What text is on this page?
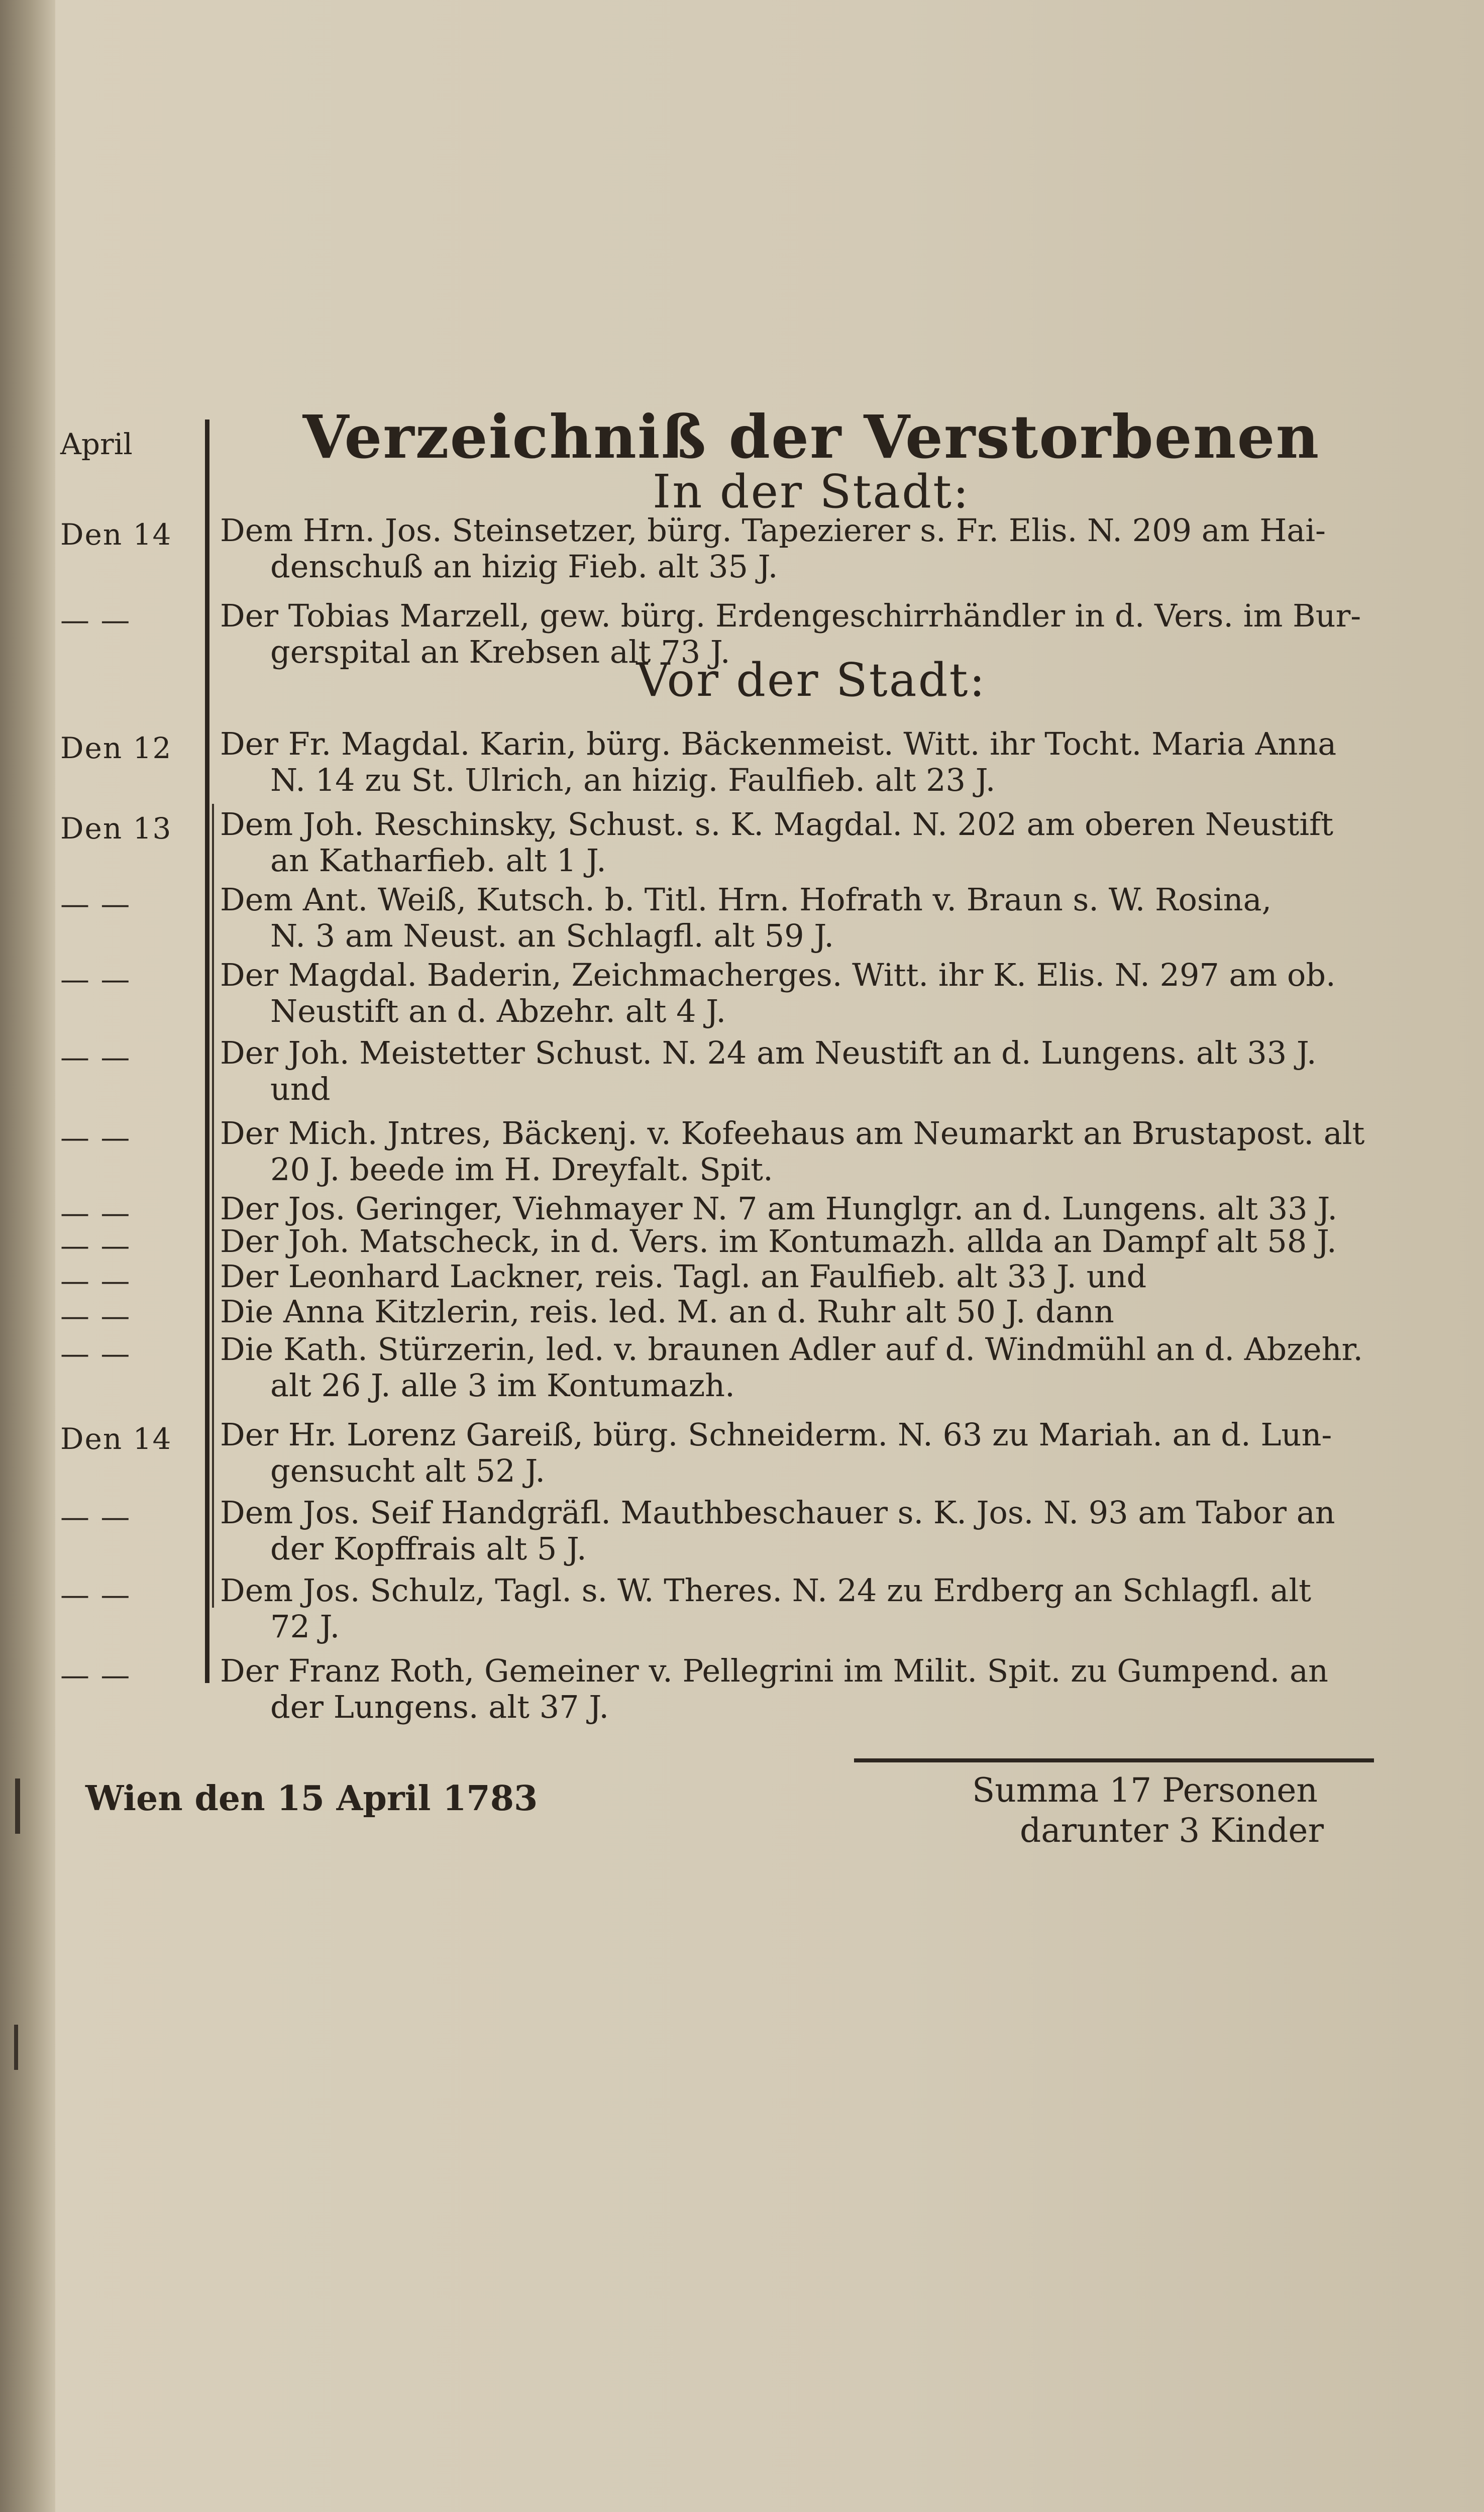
April	Verzeichniß der Verstorbenen
In der Stadt:
Vor der Stadt:
Den 14	Dem Hrn. Jos. Steinsetzer, bürg. Tapezierer s. Fr. Elis. N. 209 am Hai-
denschuß an hizig Fieb. alt 35 J.
— —	Der Tobias Marzell, gew. bürg. Erdengeschirrhändler in d. Vers. im Bur-
gerspital an Krebsen alt 73 J.
Den 12	Der Fr. Magdal. Karin, bürg. Bäckenmeist. Witt. ihr Tocht. Maria Anna
N. 14 zu St. Ulrich, an hizig. Faulfieb. alt 23 J.
Den 13	Dem Joh. Reschinsky, Schust. s. K. Magdal. N. 202 am oberen Neustift
an Katharfieb. alt 1 J.
— —	Dem Ant. Weiß, Kutsch. b. Titl. Hrn. Hofrath v. Braun s. W. Rosina,
N. 3 am Neust. an Schlagfl. alt 59 J.
— —	Der Magdal. Baderin, Zeichmacherges. Witt. ihr K. Elis. N. 297 am ob.
Neustift an d. Abzehr. alt 4 J.
— —	Der Joh. Meistetter Schust. N. 24 am Neustift an d. Lungens. alt 33 J.
und
— —	Der Mich. Jntres, Bäckenj. v. Kofeehaus am Neumarkt an Brustapost. alt
20 J. beede im H. Dreyfalt. Spit.
— —	Der Jos. Geringer, Viehmayer N. 7 am Hunglgr. an d. Lungens. alt 33 J.
— —	Der Joh. Matscheck, in d. Vers. im Kontumazh. allda an Dampf alt 58 J.
— —	Der Leonhard Lackner, reis. Tagl. an Faulfieb. alt 33 J. und
— —	Die Anna Kitzlerin, reis. led. M. an d. Ruhr alt 50 J. dann
— —	Die Kath. Stürzerin, led. v. braunen Adler auf d. Windmühl an d. Abzehr.
alt 26 J. alle 3 im Kontumazh.
Den 14	Der Hr. Lorenz Gareiß, bürg. Schneiderm. N. 63 zu Mariah. an d. Lun-
gensucht alt 52 J.
— —	Dem Jos. Seif Handgräfl. Mauthbeschauer s. K. Jos. N. 93 am Tabor an
der Kopffrais alt 5 J.
— —	Dem Jos. Schulz, Tagl. s. W. Theres. N. 24 zu Erdberg an Schlagfl. alt
72 J.
— —	Der Franz Roth, Gemeiner v. Pellegrini im Milit. Spit. zu Gumpend. an
der Lungens. alt 37 J.
Wien den 15 April 1783	Summa 17 Personen
darunter 3 Kinder
